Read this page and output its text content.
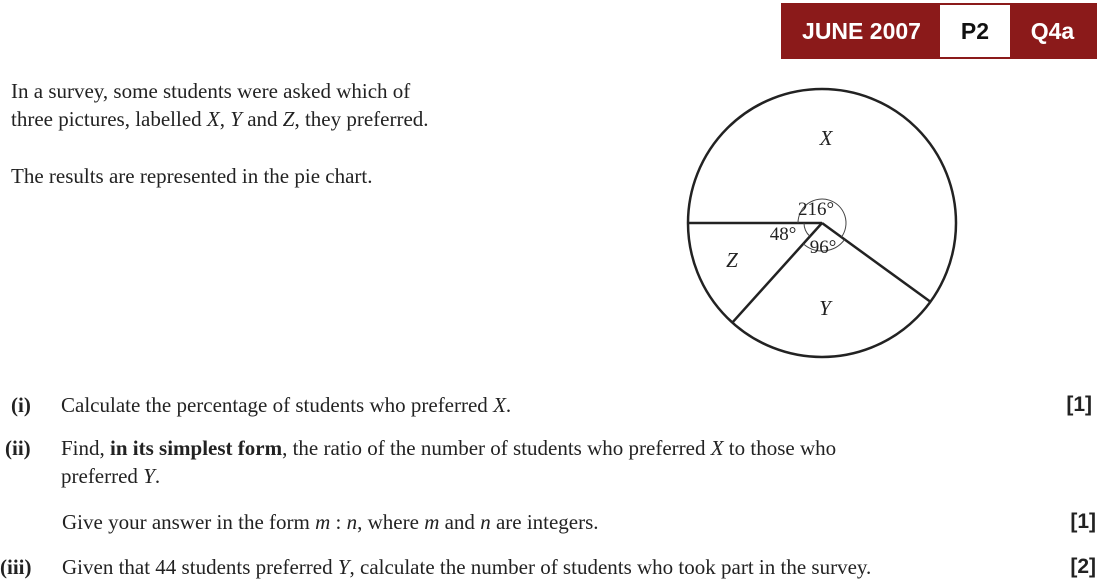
JUNE 2007	P2	Q4a
In a survey, some students were asked which of
three pictures, labelled X, Y and Z, they preferred.
The results are represented in the pie chart.
216°
96°
48°
X
Y
Z
(i) Calculate the percentage of students who preferred X.	[1]
(ii) Find, in its simplest form, the ratio of the number of students who preferred X to those who
preferred Y.
Give your answer in the form m : n, where m and n are integers.	[1]
(iii) Given that 44 students preferred Y, calculate the number of students who took part in the survey.	[2]
